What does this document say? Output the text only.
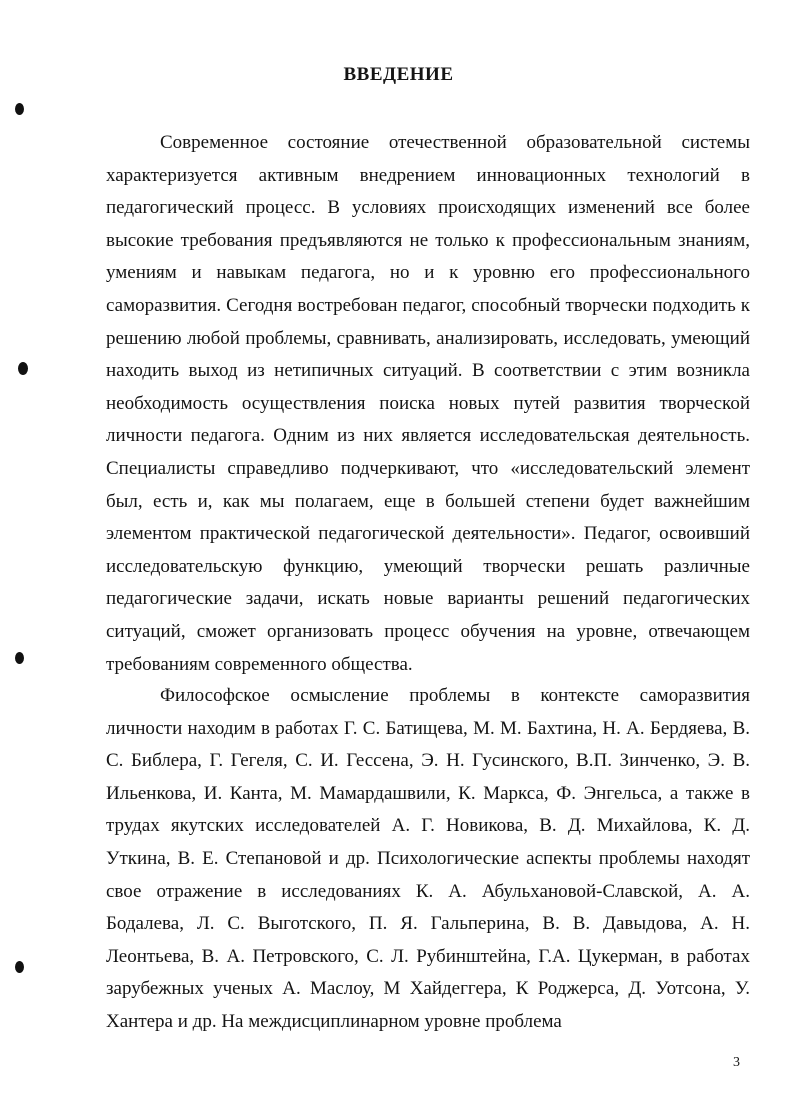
ВВЕДЕНИЕ

Современное состояние отечественной образовательной системы характеризуется активным внедрением инновационных технологий в педагогический процесс. В условиях происходящих изменений все более высокие требования предъявляются не только к профессиональным знаниям, умениям и навыкам педагога, но и к уровню его профессионального саморазвития. Сегодня востребован педагог, способный творчески подходить к решению любой проблемы, сравнивать, анализировать, исследовать, умеющий находить выход из нетипичных ситуаций. В соответствии с этим возникла необходимость осуществления поиска новых путей развития творческой личности педагога. Одним из них является исследовательская деятельность. Специалисты справедливо подчеркивают, что «исследовательский элемент был, есть и, как мы полагаем, еще в большей степени будет важнейшим элементом практической педагогической деятельности». Педагог, освоивший исследовательскую функцию, умеющий творчески решать различные педагогические задачи, искать новые варианты решений педагогических ситуаций, сможет организовать процесс обучения на уровне, отвечающем требованиям современного общества.

Философское осмысление проблемы в контексте саморазвития личности находим в работах Г. С. Батищева, М. М. Бахтина, Н. А. Бердяева, В. С. Библера, Г. Гегеля, С. И. Гессена, Э. Н. Гусинского, В.П. Зинченко, Э. В. Ильенкова, И. Канта, М. Мамардашвили, К. Маркса, Ф. Энгельса, а также в трудах якутских исследователей А. Г. Новикова, В. Д. Михайлова, К. Д. Уткина, В. Е. Степановой и др. Психологические аспекты проблемы находят свое отражение в исследованиях К. А. Абульхановой-Славской, А. А. Бодалева, Л. С. Выготского, П. Я. Гальперина, В. В. Давыдова, А. Н. Леонтьева, В. А. Петровского, С. Л. Рубинштейна, Г.А. Цукерман, в работах зарубежных ученых А. Маслоу, М Хайдеггера, К Роджерса, Д. Уотсона, У. Хантера и др. На междисциплинарном уровне проблема

3
